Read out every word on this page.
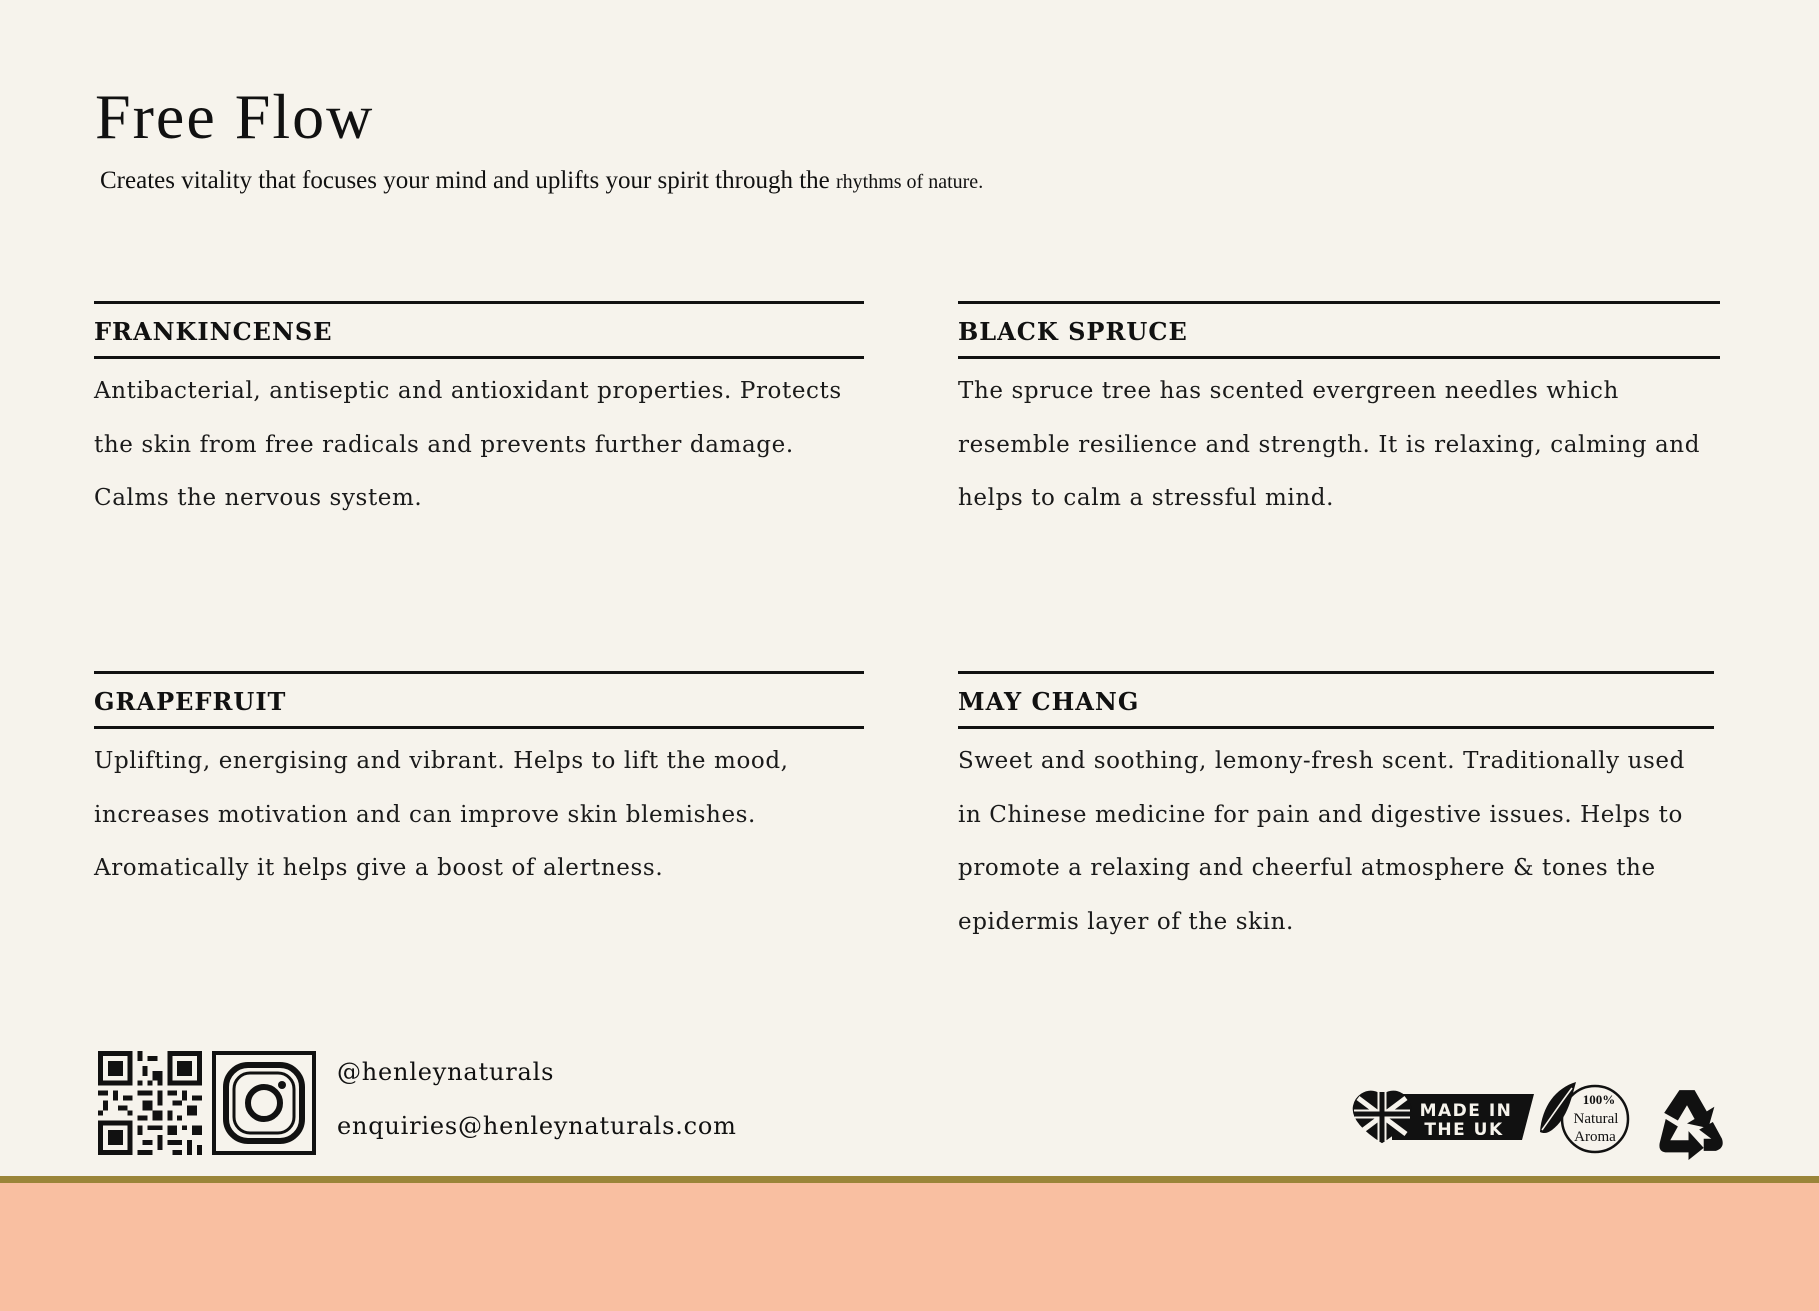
Free Flow

Creates vitality that focuses your mind and uplifts your spirit through the rhythms of nature.

FRANKINCENSE

Antibacterial, antiseptic and antioxidant properties. Protects the skin from free radicals and prevents further damage. Calms the nervous system.

BLACK SPRUCE

The spruce tree has scented evergreen needles which resemble resilience and strength. It is relaxing, calming and helps to calm a stressful mind.

GRAPEFRUIT

Uplifting, energising and vibrant. Helps to lift the mood, increases motivation and can improve skin blemishes. Aromatically it helps give a boost of alertness.

MAY CHANG

Sweet and soothing, lemony-fresh scent. Traditionally used in Chinese medicine for pain and digestive issues. Helps to promote a relaxing and cheerful atmosphere & tones the epidermis layer of the skin.

@henleynaturals
enquiries@henleynaturals.com
MADE IN
THE UK
100%
Natural
Aroma
